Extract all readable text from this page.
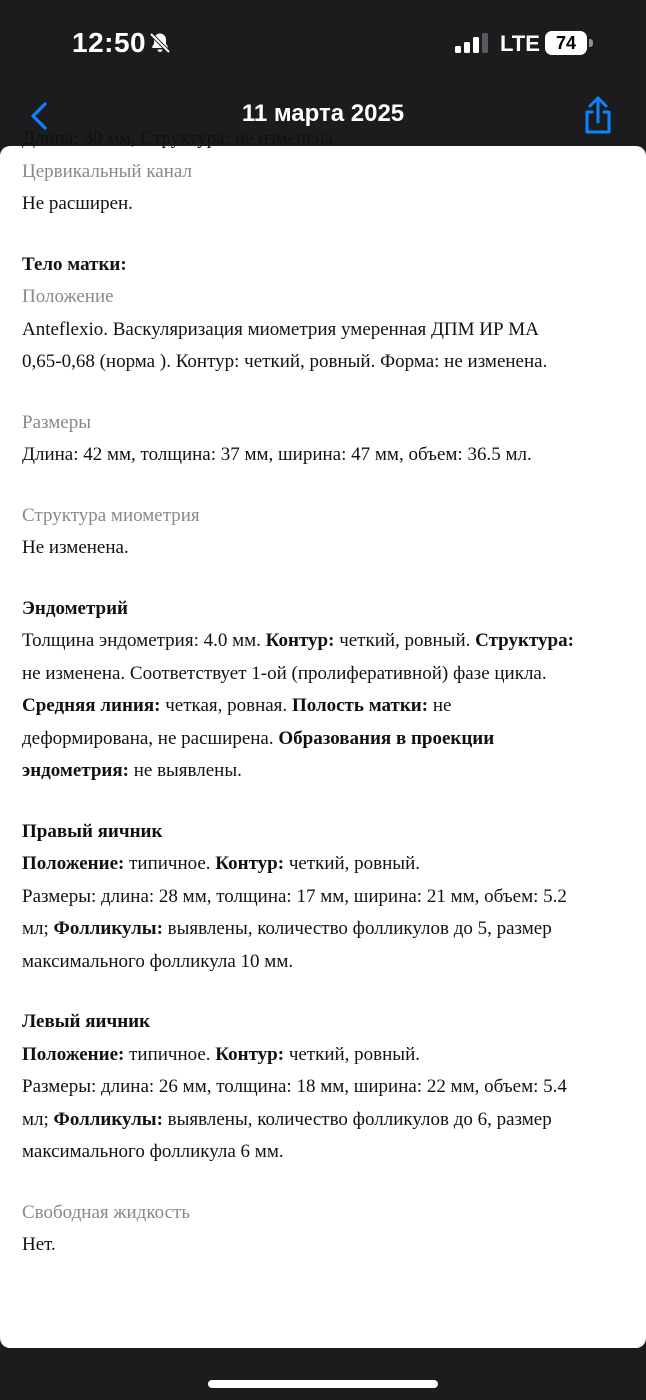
12:50	LTE 74
11 марта 2025
Длина: 30 мм, Структура: не изменена.
Цервикальный канал
Не расширен.
Тело матки:
Положение
Anteflexio. Васкуляризация миометрия умеренная ДПМ ИР МА
0,65-0,68 (норма ). Контур: четкий, ровный. Форма: не изменена.
Размеры
Длина: 42 мм, толщина: 37 мм, ширина: 47 мм, объем: 36.5 мл.
Структура миометрия
Не изменена.
Эндометрий
Толщина эндометрия: 4.0 мм. Контур: четкий, ровный. Структура:
не изменена. Соответствует 1-ой (пролиферативной) фазе цикла.
Средняя линия: четкая, ровная. Полость матки: не
деформирована, не расширена. Образования в проекции
эндометрия: не выявлены.
Правый яичник
Положение: типичное. Контур: четкий, ровный.
Размеры: длина: 28 мм, толщина: 17 мм, ширина: 21 мм, объем: 5.2
мл; Фолликулы: выявлены, количество фолликулов до 5, размер
максимального фолликула 10 мм.
Левый яичник
Положение: типичное. Контур: четкий, ровный.
Размеры: длина: 26 мм, толщина: 18 мм, ширина: 22 мм, объем: 5.4
мл; Фолликулы: выявлены, количество фолликулов до 6, размер
максимального фолликула 6 мм.
Свободная жидкость
Нет.
